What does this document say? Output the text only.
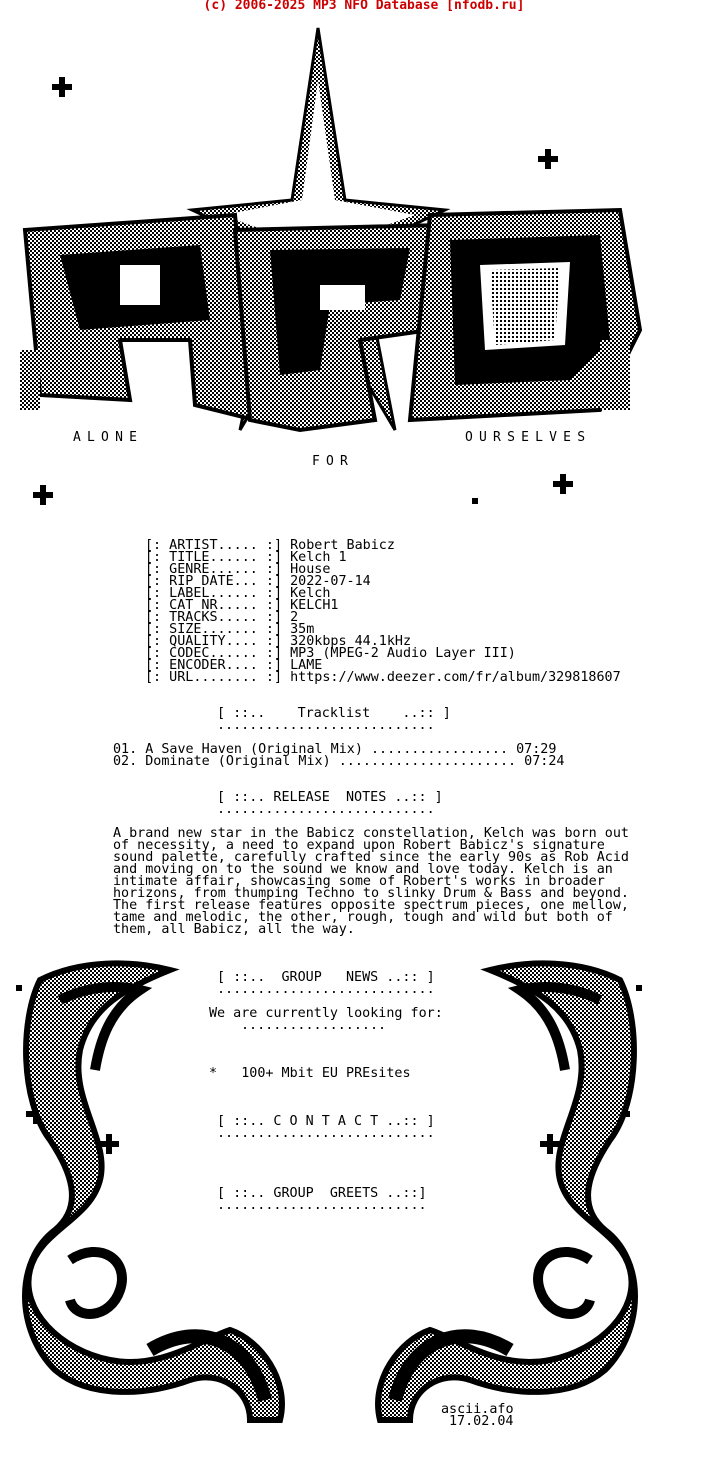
(c) 2006-2025 MP3 NFO Database [nfodb.ru]
ALONE
FOR
OURSELVES
[: ARTIST..... :] Robert Babicz
[: TITLE...... :] Kelch 1
[: GENRE...... :] House
[: RIP DATE... :] 2022-07-14
[: LABEL...... :] Kelch
[: CAT NR..... :] KELCH1
[: TRACKS..... :] 2
[: SIZE....... :] 35m
[: QUALITY.... :] 320kbps 44.1kHz
[: CODEC...... :] MP3 (MPEG-2 Audio Layer III)
[: ENCODER.... :] LAME
[: URL........ :] https://www.deezer.com/fr/album/329818607
[ ::..    Tracklist    ..:: ]
...........................
01. A Save Haven (Original Mix) ................. 07:29
02. Dominate (Original Mix) ...................... 07:24
[ ::.. RELEASE  NOTES ..:: ]
...........................
A brand new star in the Babicz constellation, Kelch was born out
of necessity, a need to expand upon Robert Babicz's signature
sound palette, carefully crafted since the early 90s as Rob Acid
and moving on to the sound we know and love today. Kelch is an
intimate affair, showcasing some of Robert's works in broader
horizons, from thumping Techno to slinky Drum & Bass and beyond.
The first release features opposite spectrum pieces, one mellow,
tame and melodic, the other, rough, tough and wild but both of
them, all Babicz, all the way.
[ ::..  GROUP   NEWS ..:: ]
...........................
We are currently looking for:
..................
*   100+ Mbit EU PREsites
[ ::.. C O N T A C T ..:: ]
...........................
[ ::.. GROUP  GREETS ..::]
..........................
ascii.afo
17.02.04
